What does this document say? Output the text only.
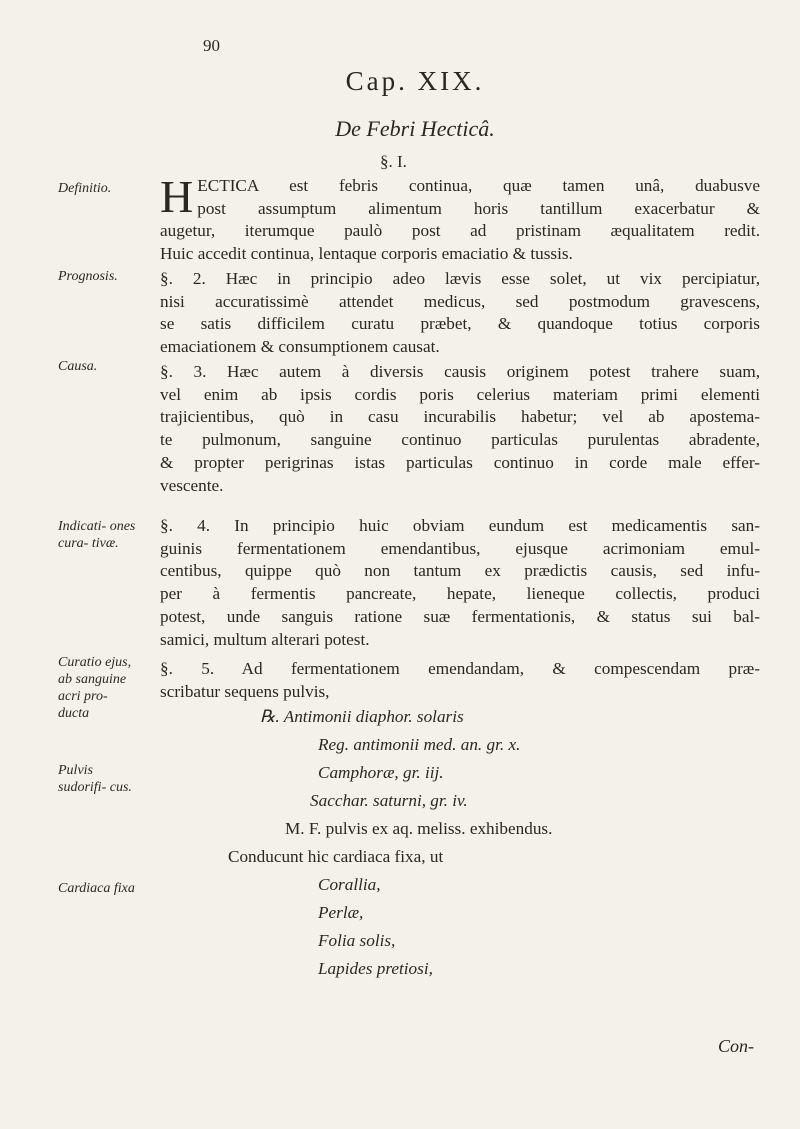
90
Cap. XIX.
De Febri Hecticâ.
§. I.
Definitio.
Prognosis.
Causa.
Indicati- ones cura- tivæ.
Curatio ejus, ab sanguine acri pro- ducta
Pulvis sudorifi- cus.
Cardiaca fixa
H ECTICA est febris continua, quæ tamen unâ, duabusve
post assumptum alimentum horis tantillum exacerbatur &
augetur, iterumque paulò post ad pristinam æqualitatem redit.
Huic accedit continua, lentaque corporis emaciatio & tussis.
§. 2. Hæc in principio adeo lævis esse solet, ut vix percipiatur,
nisi accuratissimè attendet medicus, sed postmodum gravescens,
se satis difficilem curatu præbet, & quandoque totius corporis
emaciationem & consumptionem causat.
§. 3. Hæc autem à diversis causis originem potest trahere suam,
vel enim ab ipsis cordis poris celerius materiam primi elementi
trajicientibus, quò in casu incurabilis habetur; vel ab apostema-
te pulmonum, sanguine continuo particulas purulentas abradente,
& propter perigrinas istas particulas continuo in corde male effer-
vescente.
§. 4. In principio huic obviam eundum est medicamentis san-
guinis fermentationem emendantibus, ejusque acrimoniam emul-
centibus, quippe quò non tantum ex prædictis causis, sed infu-
per à fermentis pancreate, hepate, lieneque collectis, produci
potest, unde sanguis ratione suæ fermentationis, & status sui bal-
samici, multum alterari potest.
§. 5. Ad fermentationem emendandam, & compescendam præ-
scribatur sequens pulvis,
℞. Antimonii diaphor. solaris
Reg. antimonii med. an. gr. x.
Camphoræ, gr. iij.
Sacchar. saturni, gr. iv.
M. F. pulvis ex aq. meliss. exhibendus.
Conducunt hic cardiaca fixa, ut
Corallia,
Perlæ,
Folia solis,
Lapides pretiosi,
Con-
